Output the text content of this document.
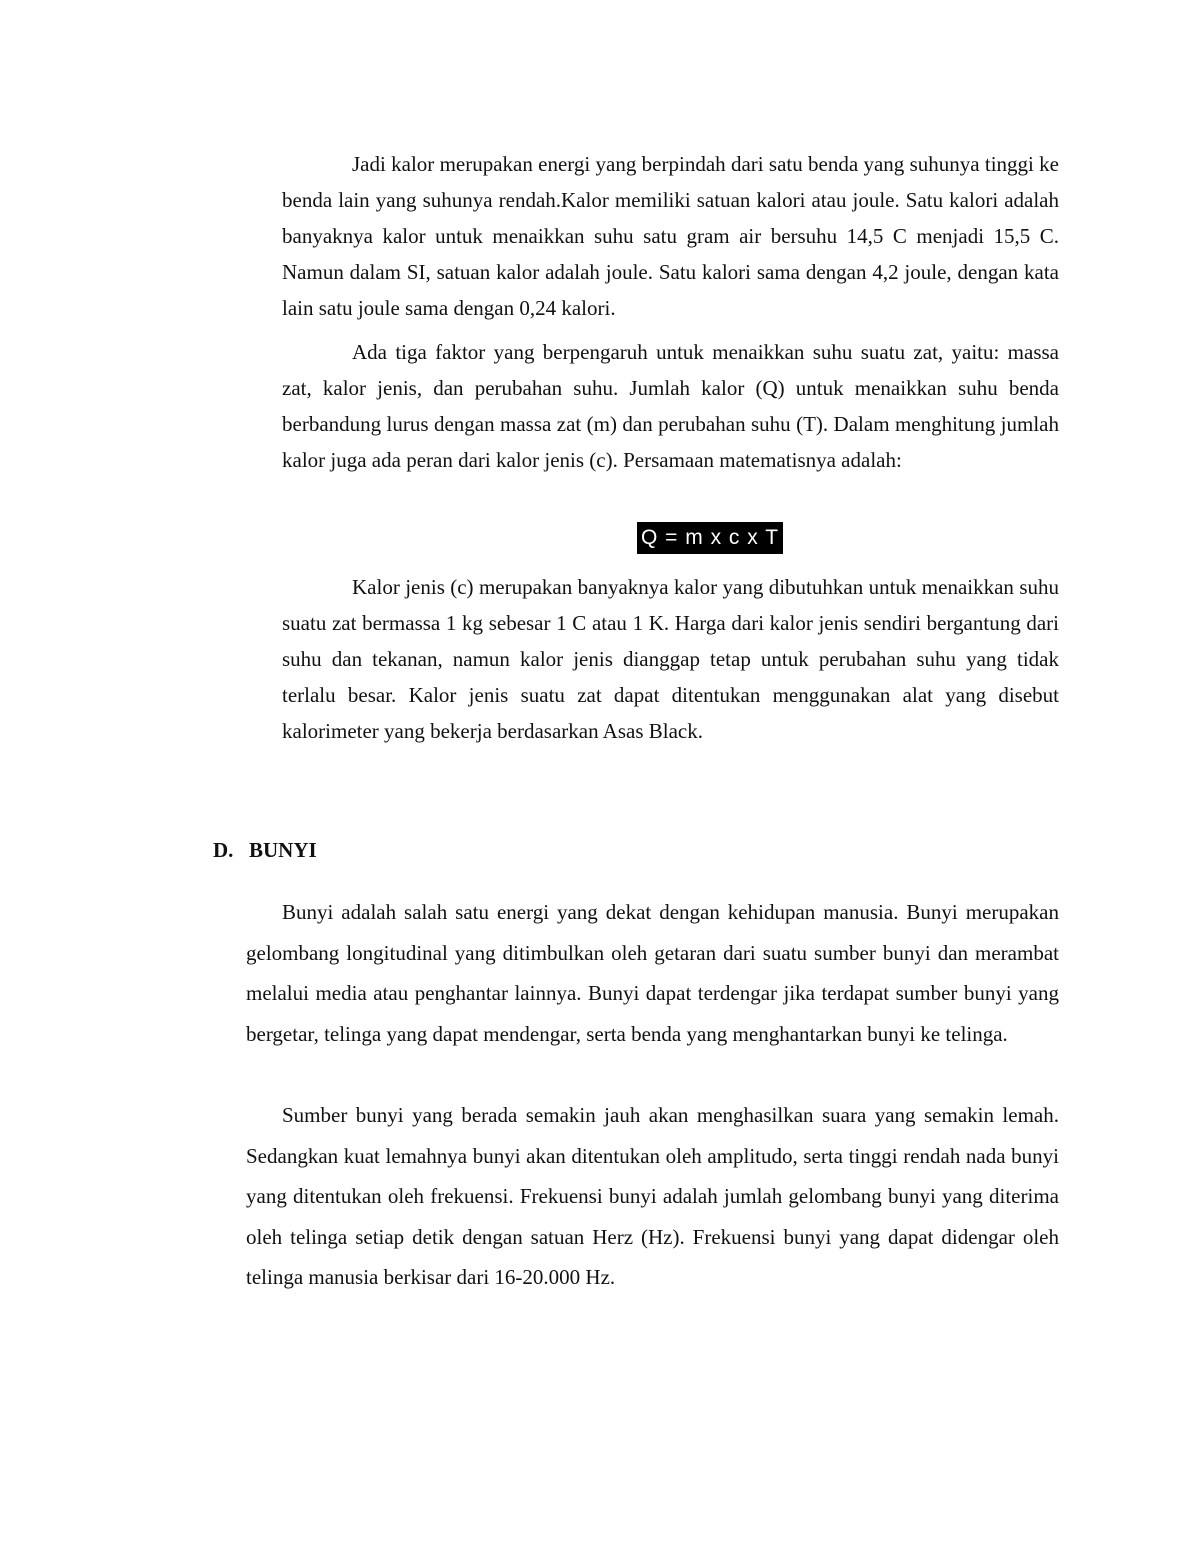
Jadi kalor merupakan energi yang berpindah dari satu benda yang suhunya tinggi ke benda lain yang suhunya rendah.Kalor memiliki satuan kalori atau joule. Satu kalori adalah banyaknya kalor untuk menaikkan suhu satu gram air bersuhu 14,5 C menjadi 15,5 C. Namun dalam SI, satuan kalor adalah joule. Satu kalori sama dengan 4,2 joule, dengan kata lain satu joule sama dengan 0,24 kalori.

Ada tiga faktor yang berpengaruh untuk menaikkan suhu suatu zat, yaitu: massa zat, kalor jenis, dan perubahan suhu. Jumlah kalor (Q) untuk menaikkan suhu benda berbandung lurus dengan massa zat (m) dan perubahan suhu (T). Dalam menghitung jumlah kalor juga ada peran dari kalor jenis (c). Persamaan matematisnya adalah:

Q = m x c x T

Kalor jenis (c) merupakan banyaknya kalor yang dibutuhkan untuk menaikkan suhu suatu zat bermassa 1 kg sebesar 1 C atau 1 K. Harga dari kalor jenis sendiri bergantung dari suhu dan tekanan, namun kalor jenis dianggap tetap untuk perubahan suhu yang tidak terlalu besar. Kalor jenis suatu zat dapat ditentukan menggunakan alat yang disebut kalorimeter yang bekerja berdasarkan Asas Black.

D. BUNYI

Bunyi adalah salah satu energi yang dekat dengan kehidupan manusia. Bunyi merupakan gelombang longitudinal yang ditimbulkan oleh getaran dari suatu sumber bunyi dan merambat melalui media atau penghantar lainnya. Bunyi dapat terdengar jika terdapat sumber bunyi yang bergetar, telinga yang dapat mendengar, serta benda yang menghantarkan bunyi ke telinga.

Sumber bunyi yang berada semakin jauh akan menghasilkan suara yang semakin lemah. Sedangkan kuat lemahnya bunyi akan ditentukan oleh amplitudo, serta tinggi rendah nada bunyi yang ditentukan oleh frekuensi. Frekuensi bunyi adalah jumlah gelombang bunyi yang diterima oleh telinga setiap detik dengan satuan Herz (Hz). Frekuensi bunyi yang dapat didengar oleh telinga manusia berkisar dari 16-20.000 Hz.
